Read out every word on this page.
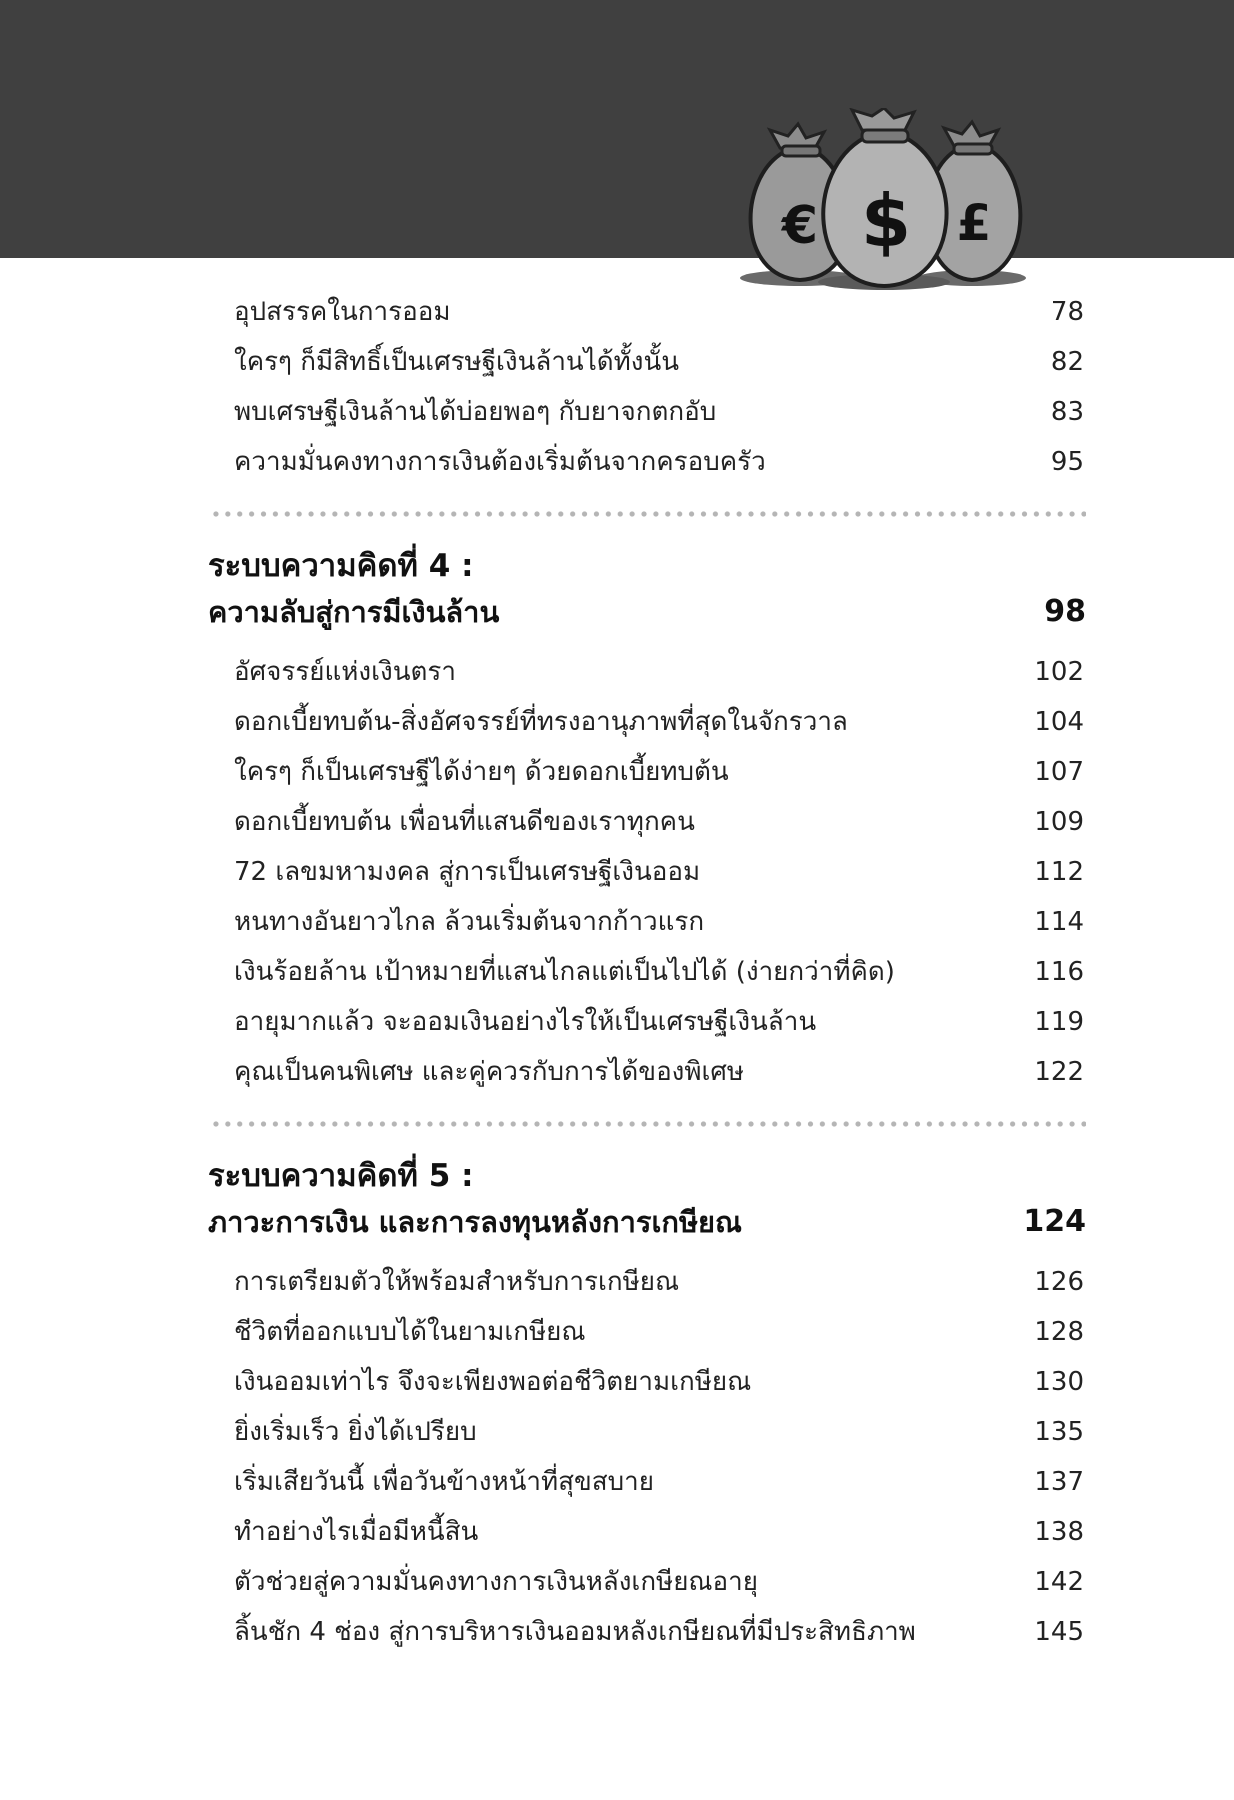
€	£
$
อุปสรรคในการออม	78
ใครๆ ก็มีสิทธิ์เป็นเศรษฐีเงินล้านได้ทั้งนั้น	82
พบเศรษฐีเงินล้านได้บ่อยพอๆ กับยาจกตกอับ	83
ความมั่นคงทางการเงินต้องเริ่มต้นจากครอบครัว	95
ระบบความคิดที่ 4 :
ความลับสู่การมีเงินล้าน	98
อัศจรรย์แห่งเงินตรา	102
ดอกเบี้ยทบต้น-สิ่งอัศจรรย์ที่ทรงอานุภาพที่สุดในจักรวาล	104
ใครๆ ก็เป็นเศรษฐีได้ง่ายๆ ด้วยดอกเบี้ยทบต้น	107
ดอกเบี้ยทบต้น เพื่อนที่แสนดีของเราทุกคน	109
72 เลขมหามงคล สู่การเป็นเศรษฐีเงินออม	112
หนทางอันยาวไกล ล้วนเริ่มต้นจากก้าวแรก	114
เงินร้อยล้าน เป้าหมายที่แสนไกลแต่เป็นไปได้ (ง่ายกว่าที่คิด)	116
อายุมากแล้ว จะออมเงินอย่างไรให้เป็นเศรษฐีเงินล้าน	119
คุณเป็นคนพิเศษ และคู่ควรกับการได้ของพิเศษ	122
ระบบความคิดที่ 5 :
ภาวะการเงิน และการลงทุนหลังการเกษียณ	124
การเตรียมตัวให้พร้อมสำหรับการเกษียณ	126
ชีวิตที่ออกแบบได้ในยามเกษียณ	128
เงินออมเท่าไร จึงจะเพียงพอต่อชีวิตยามเกษียณ	130
ยิ่งเริ่มเร็ว ยิ่งได้เปรียบ	135
เริ่มเสียวันนี้ เพื่อวันข้างหน้าที่สุขสบาย	137
ทำอย่างไรเมื่อมีหนี้สิน	138
ตัวช่วยสู่ความมั่นคงทางการเงินหลังเกษียณอายุ	142
ลิ้นชัก 4 ช่อง สู่การบริหารเงินออมหลังเกษียณที่มีประสิทธิภาพ	145
